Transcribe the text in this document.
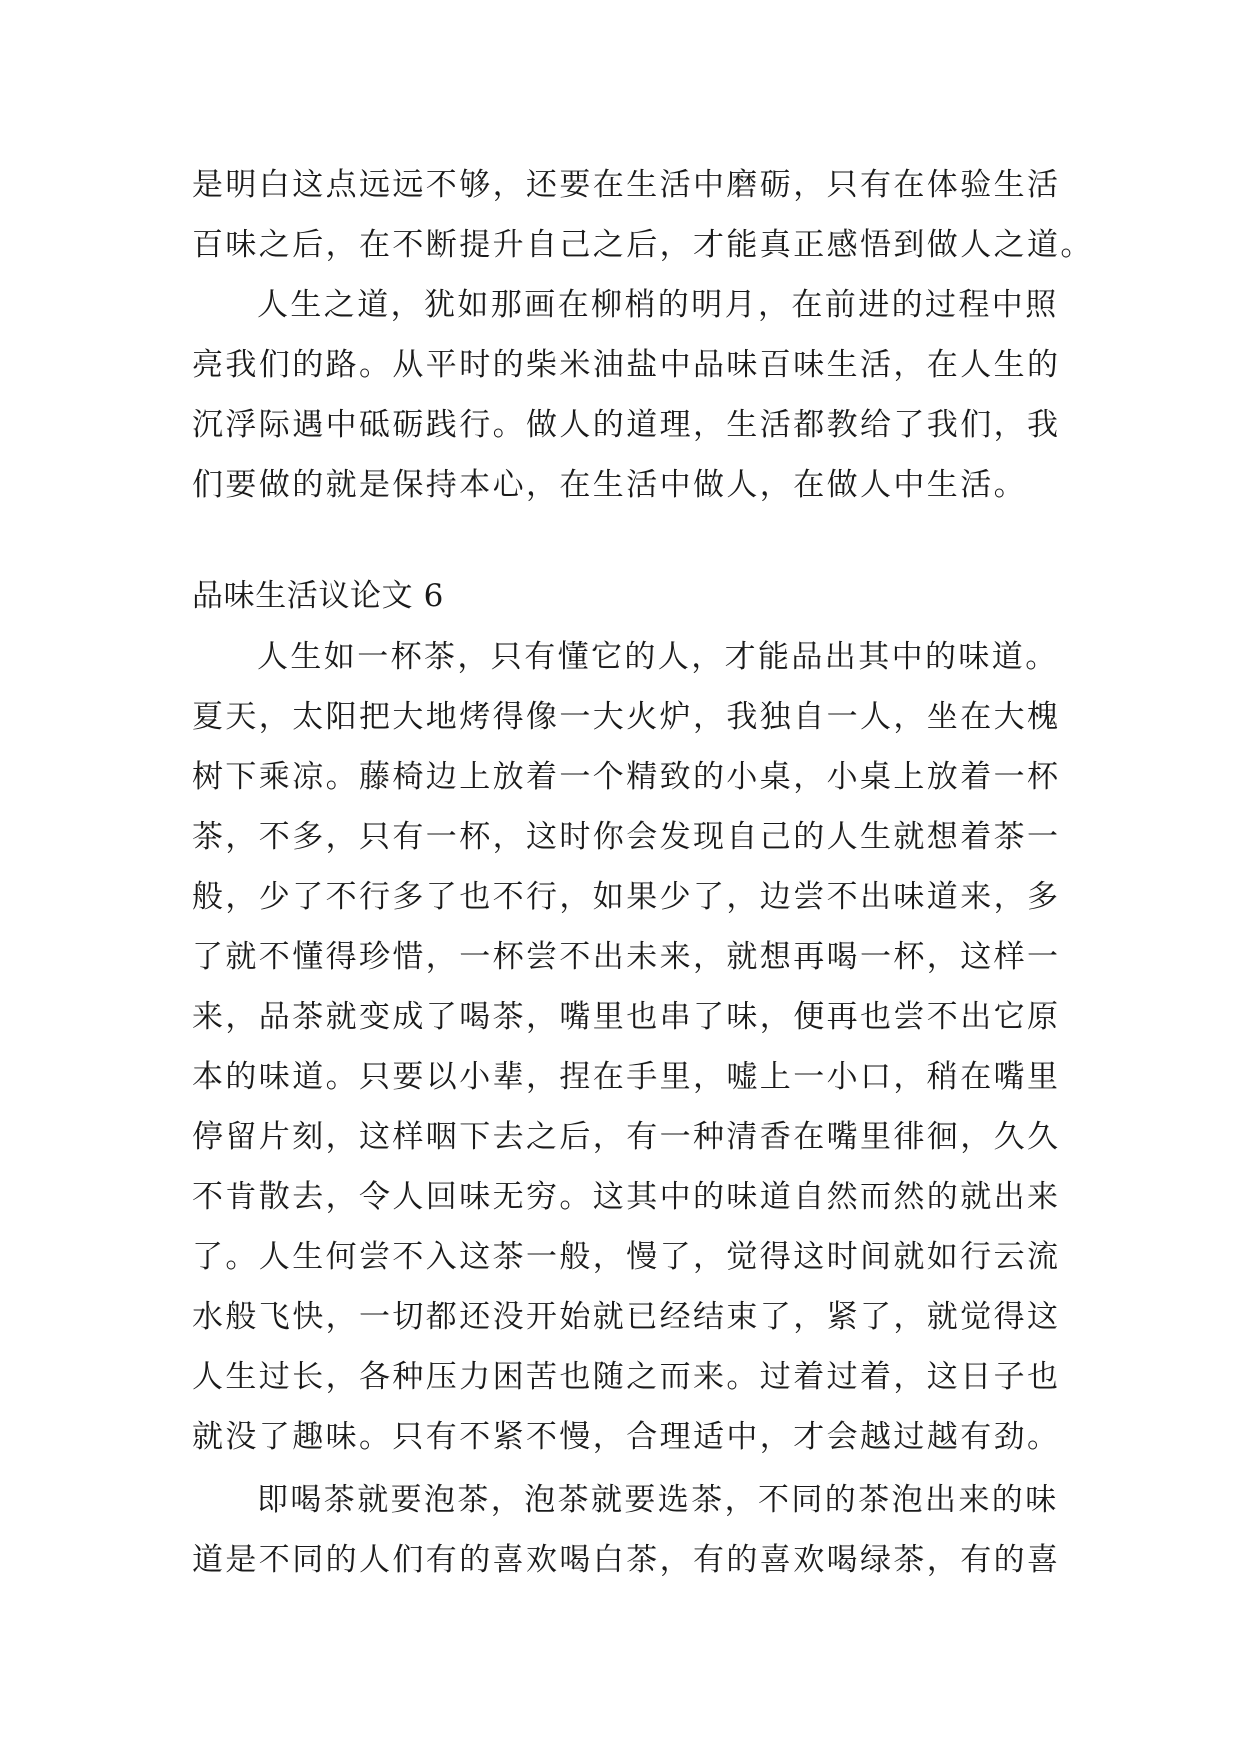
是明白这点远远不够，还要在生活中磨砺，只有在体验生活
百味之后，在不断提升自己之后，才能真正感悟到做人之道。
人生之道，犹如那画在柳梢的明月，在前进的过程中照
亮我们的路。从平时的柴米油盐中品味百味生活，在人生的
沉浮际遇中砥砺践行。做人的道理，生活都教给了我们，我
们要做的就是保持本心，在生活中做人，在做人中生活。
品味生活议论文 6
人生如一杯茶，只有懂它的人，才能品出其中的味道。
夏天，太阳把大地烤得像一大火炉，我独自一人，坐在大槐
树下乘凉。藤椅边上放着一个精致的小桌，小桌上放着一杯
茶，不多，只有一杯，这时你会发现自己的人生就想着茶一
般，少了不行多了也不行，如果少了，边尝不出味道来，多
了就不懂得珍惜，一杯尝不出未来，就想再喝一杯，这样一
来，品茶就变成了喝茶，嘴里也串了味，便再也尝不出它原
本的味道。只要以小辈，捏在手里，嘘上一小口，稍在嘴里
停留片刻，这样咽下去之后，有一种清香在嘴里徘徊，久久
不肯散去，令人回味无穷。这其中的味道自然而然的就出来
了。人生何尝不入这茶一般，慢了，觉得这时间就如行云流
水般飞快，一切都还没开始就已经结束了，紧了，就觉得这
人生过长，各种压力困苦也随之而来。过着过着，这日子也
就没了趣味。只有不紧不慢，合理适中，才会越过越有劲。
即喝茶就要泡茶，泡茶就要选茶，不同的茶泡出来的味
道是不同的人们有的喜欢喝白茶，有的喜欢喝绿茶，有的喜
